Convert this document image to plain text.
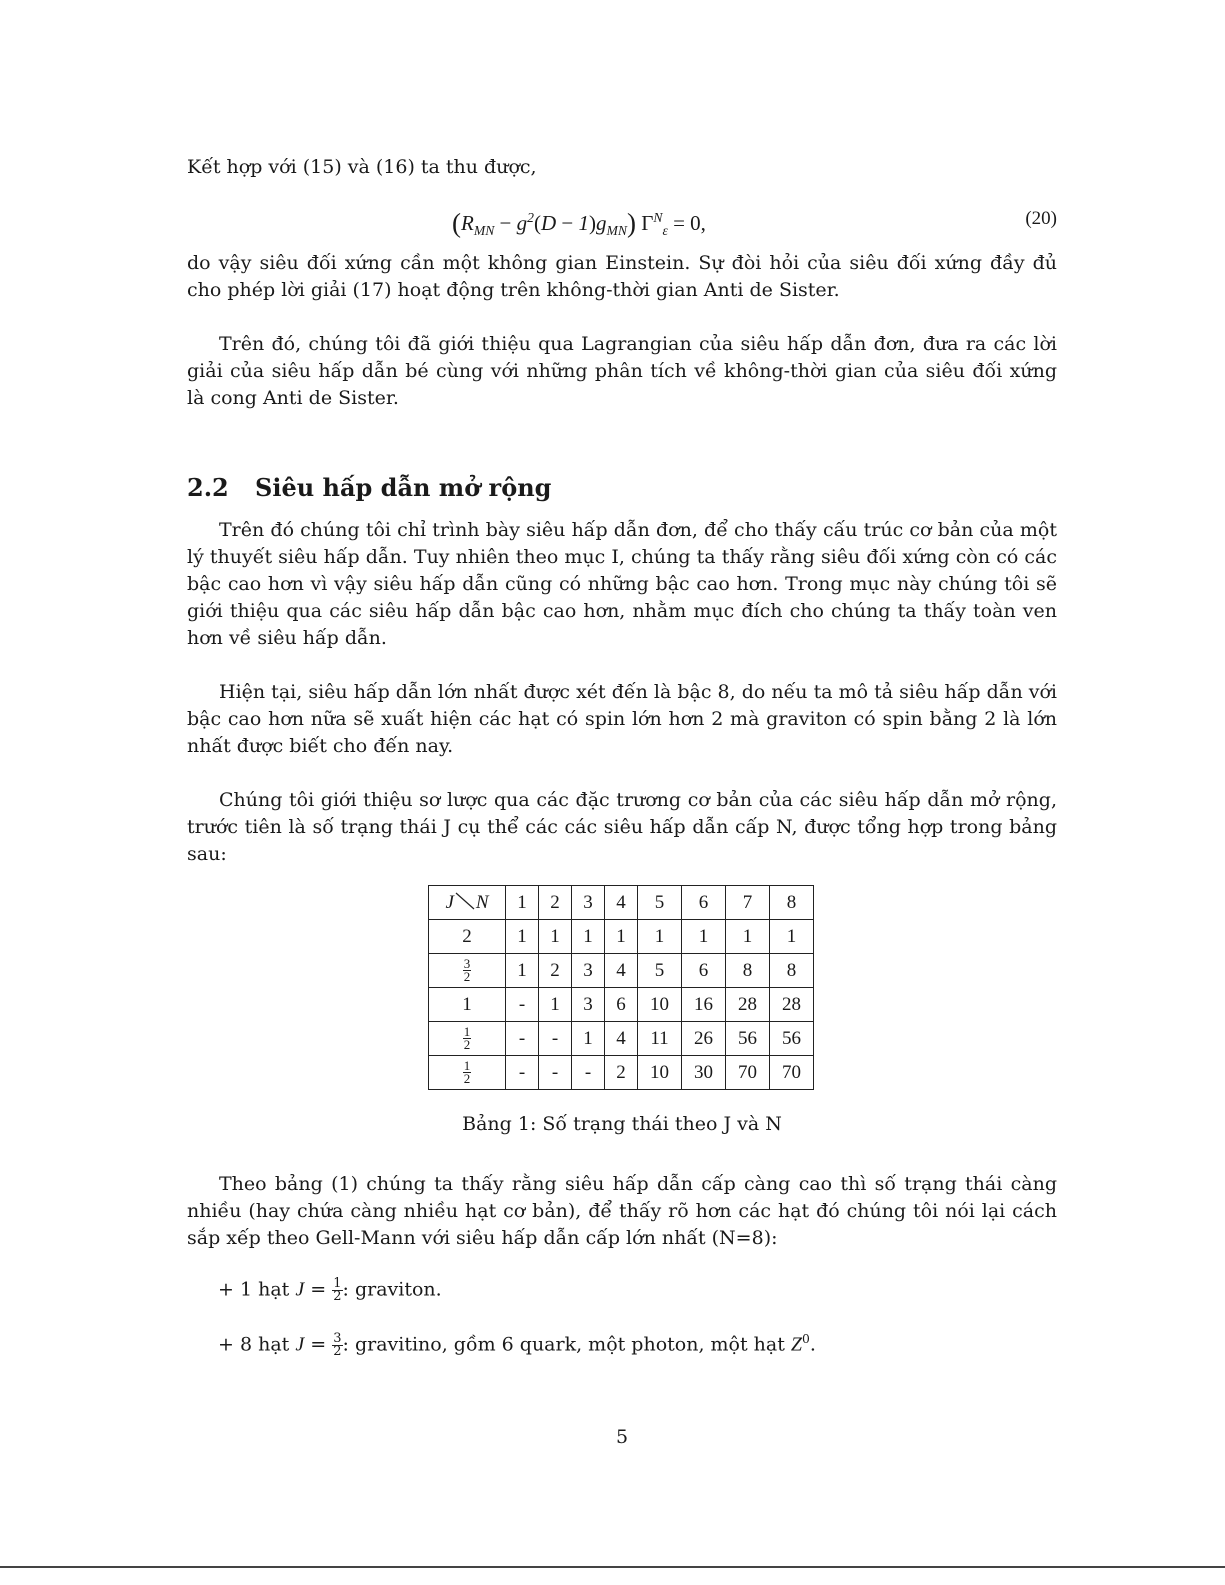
Kết hợp với (15) và (16) ta thu được,

$(R_{MN} - g^2(D - 1)g_{MN}) \Gamma^N_\varepsilon = 0$,	(20)

do vậy siêu đối xứng cần một không gian Einstein. Sự đòi hỏi của siêu đối xứng đầy đủ cho phép lời giải (17) hoạt động trên không-thời gian Anti de Sister.

Trên đó, chúng tôi đã giới thiệu qua Lagrangian của siêu hấp dẫn đơn, đưa ra các lời giải của siêu hấp dẫn bé cùng với những phân tích về không-thời gian của siêu đối xứng là cong Anti de Sister.

2.2 Siêu hấp dẫn mở rộng

Trên đó chúng tôi chỉ trình bày siêu hấp dẫn đơn, để cho thấy cấu trúc cơ bản của một lý thuyết siêu hấp dẫn. Tuy nhiên theo mục I, chúng ta thấy rằng siêu đối xứng còn có các bậc cao hơn vì vậy siêu hấp dẫn cũng có những bậc cao hơn. Trong mục này chúng tôi sẽ giới thiệu qua các siêu hấp dẫn bậc cao hơn, nhằm mục đích cho chúng ta thấy toàn ven hơn về siêu hấp dẫn.

Hiện tại, siêu hấp dẫn lớn nhất được xét đến là bậc 8, do nếu ta mô tả siêu hấp dẫn với bậc cao hơn nữa sẽ xuất hiện các hạt có spin lớn hơn 2 mà graviton có spin bằng 2 là lớn nhất được biết cho đến nay.

Chúng tôi giới thiệu sơ lược qua các đặc trương cơ bản của các siêu hấp dẫn mở rộng, trước tiên là số trạng thái J cụ thể các các siêu hấp dẫn cấp N, được tổng hợp trong bảng sau:

J N	1	2	3	4	5	6	7	8
2	1	1	1	1	1	1	1	1

$\frac{3}{2}$	1	2	3	4	5	6	8	8
1	-	1	3	6	10	16	28	28

$\frac{1}{2}$	-	-	1	4	11	26	56	56

$\frac{1}{2}$	-	-	-	2	10	30	70	70
Bảng 1: Số trạng thái theo J và N

Theo bảng (1) chúng ta thấy rằng siêu hấp dẫn cấp càng cao thì số trạng thái càng nhiều (hay chứa càng nhiều hạt cơ bản), để thấy rõ hơn các hạt đó chúng tôi nói lại cách sắp xếp theo Gell-Mann với siêu hấp dẫn cấp lớn nhất (N=8):

+ 1 hạt $J = \frac{1}{2}$ : graviton.
+ 8 hạt $J = \frac{3}{2}$ : gravitino, gồm 6 quark, một photon, một hạt $Z^0$.
5
